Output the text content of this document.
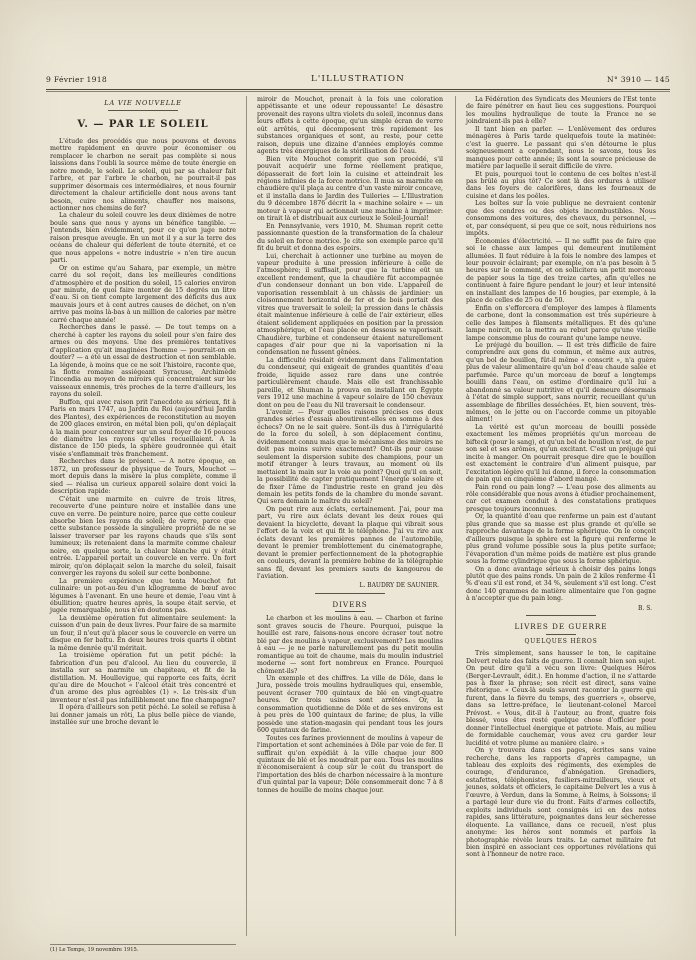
9 Février 1918	L'ILLUSTRATION	N° 3910 — 145
LA VIE NOUVELLE
V. — PAR LE SOLEIL

L'étude des procédés que nous pouvons et devons mettre rapidement en œuvre pour économiser ou remplacer le charbon ne serait pas complète si nous laissions dans l'oubli la source même de toute énergie en notre monde, le soleil. Le soleil, qui par sa chaleur fait l'arbre, et par l'arbre le charbon, ne pourrait-il pas supprimer désormais ces intermédiaires, et nous fournir directement la chaleur artificielle dont nous avons tant besoin, cuire nos aliments, chauffer nos maisons, actionner nos chemins de fer?

La chaleur du soleil couvre les deux dixièmes de notre boule sans que nous y ayons un bénéfice tangible. — J'entends, bien évidemment, pour ce qu'on juge notre raison presque aveugle. En un mot il y a sur la terre des océans de chaleur qui déferlent de toute éternité, et ce que nous appelons « notre industrie » n'en tire aucun parti.

Or on estime qu'au Sahara, par exemple, un mètre carré du sol reçoit, dans les meilleures conditions d'atmosphère et de position du soleil, 15 calories environ par minute, de quoi faire monter de 15 degrés un litre d'eau. Si on tient compte largement des déficits dus aux mauvais jours et à cent autres causes de déchet, on n'en arrive pas moins là-bas à un million de calories par mètre carré chaque année!

Recherches dans le passé. — De tout temps on a cherché à capter les rayons du soleil pour s'en faire des armes ou des moyens. Une des premières tentatives d'application qu'ait imaginées l'homme — pourrait-on en douter? — a été un essai de destruction et non semblable. La légende, à moins que ce ne soit l'histoire, raconte que, la flotte romaine assiégeant Syracuse, Archimède l'incendia au moyen de miroirs qui concentraient sur les vaisseaux ennemis, très proches de la terre d'ailleurs, les rayons du soleil.

Buffon, qui avec raison prit l'anecdote au sérieux, fit à Paris en mars 1747, au Jardin du Roi (aujourd'hui Jardin des Plantes), des expériences de reconstitution au moyen de 200 glaces environ, en métal bien poli, qu'on déplaçait à la main pour concentrer sur un seul foyer de 16 pouces de diamètre les rayons qu'elles recueillaient. A la distance de 150 pieds, la sphère goudronnée qui était visée s'enflammait très franchement.

Recherches dans le présent. — A notre époque, en 1872, un professeur de physique de Tours, Mouchot — mort depuis dans la misère la plus complète, comme il sied — réalisa un curieux appareil solaire dont voici la description rapide:

C'était une marmite en cuivre de trois litres, recouverte d'une peinture noire et installée dans une cuve en verre. De peinture noire, parce que cette couleur absorbe bien les rayons du soleil; de verre, parce que cette substance possède la singulière propriété de ne se laisser traverser par les rayons chauds que s'ils sont lumineux; ils retenaient dans la marmite comme chaleur noire, en quelque sorte, la chaleur blanche qui y était entrée. L'appareil portait un couvercle en verre. Un fort miroir, qu'on déplaçait selon la marche du soleil, faisait converger les rayons du soleil sur cette bonbonne.

La première expérience que tenta Mouchot fut culinaire: un pot-au-feu d'un kilogramme de bœuf avec légumes à l'avenant. En une heure et demie, l'eau vint à ébullition; quatre heures après, la soupe était servie, et jugée remarquable, nous n'en doutons pas.

La deuxième opération fut alimentaire seulement: la cuisson d'un pain de deux livres. Pour faire de sa marmite un four, il n'eut qu'à placer sous le couvercle en verre un disque en fer battu. En deux heures trois quarts il obtint la même denrée qu'il méritait.

La troisième opération fut un petit péché: la fabrication d'un peu d'alcool. Au lieu du couvercle, il installa sur sa marmite un chapiteau, et fit de la distillation. M. Houllevigue, qui rapporte ces faits, écrit qu'au dire de Mouchot « l'alcool était très concentré et d'un arome des plus agréables (1) ». Le très-six d'un inventeur n'est-il pas infailliblement une fine champagne?

Il opéra d'ailleurs son petit péché. Le soleil se refusa à lui donner jamais un rôti, La plus belle pièce de viande, installée sur une broche devant le

miroir de Mouchot, prenait à la fois une coloration appétissante et une odeur repoussante! Le désastre provenait des rayons ultra violets du soleil, inconnus dans leurs effets à cette époque, qu'un simple écran de verre eût arrêtés, qui décomposent très rapidement les substances organiques et sont, au reste, pour cette raison, depuis une dizaine d'années employés comme agents très énergiques de la stérilisation de l'eau.

Bien vite Mouchot comprit que son procédé, s'il pouvait acquérir une forme réellement pratique, dépasserait de fort loin la cuisine et atteindrait les régions infinies de la force motrice. Il mua sa marmite en chaudière qu'il plaça au centre d'un vaste miroir concave, et il installa dans le Jardin des Tuileries — L'Illustration du 9 décembre 1876 décrit la « machine solaire » — un moteur à vapeur qui actionnait une machine à imprimer: on tirait là et distribuait aux curieux le Soleil-Journal!

En Pennsylvanie, vers 1910, M. Shuman reprit cette passionnante question de la transformation de la chaleur du soleil en force motrice. Je cite son exemple parce qu'il fit du bruit et donna des espoirs.

Lui, cherchait à actionner une turbine au moyen de vapeur produite à une pression inférieure à celle de l'atmosphère; il suffisait, pour que la turbine eût un excellent rendement, que la chaudière fût accompagnée d'un condenseur donnant un bon vide. L'appareil de vaporisation ressemblait à un châssis de jardinier: un cloisonnement horizontal de fer et de bois portait des vitres que traversait le soleil; la pression dans le châssis était maintenue inférieure à celle de l'air extérieur, elles étaient solidement appliquées en position par la pression atmosphérique, et l'eau placée en dessous se vaporisait. Chaudière, turbine et condenseur étaient naturellement capages d'air pour que ni la vaporisation ni la condensation ne fussent gênées.

La difficulté résidait évidemment dans l'alimentation du condenseur, qui exigeait de grandes quantités d'eau froide, liquide assez rare dans une contrée particulièrement chaude. Mais elle est franchissable pareille, et Shuman la prouva en installant en Égypte vers 1912 une machine à vapeur solaire de 150 chevaux dont on peu de l'eau du Nil traversait le condenseur.

L'avenir. — Pour quelles raisons précises ces deux grandes séries d'essais aboutirent-elles en somme à des échecs? On ne le sait guère. Sont-ils dus à l'irrégularité de la force du soleil, à son déplacement continu, évidemment connu mais que le mécanisme des miroirs ne doit pas moins suivre exactement? Ont-ils pour cause seulement la dispersion subite des champions, pour un motif étranger à leurs travaux, au moment où ils mettaient la main sur la voie au point? Quoi qu'il en soit, la possibilité de capter pratiquement l'énergie solaire et de fixer l'âme de l'industrie reste en grand jeu dès demain les petits fonds de la chambre du monde savant. Qui sera demain le maître du soleil?

On peut rire aux éclats, certainement. J'ai, pour ma part, vu rire aux éclats devant les deux roues qui devaient la bicyclette, devant la plaque qui vibrait sous l'effort de la voix et qui fit le téléphone. J'ai vu rire aux éclats devant les premières pannes de l'automobile, devant le premier tremblottement du cinématographe, devant le premier perfectionnement de la photographie en couleurs, devant la première bobine de la télégraphie sans fil, devant les premiers sauts de kangourou de l'aviation.

L. BAUDRY DE SAUNIER.
DIVERS

Le charbon et les moulins à eau. — Charbon et farine sont graves soucis de l'heure. Pourquoi, puisque la houille est rare, faisons-nous encore écraser tout notre blé par des moulins à vapeur, exclusivement? Les moulins à eau — je ne parle naturellement pas du petit moulin romantique au toit de chaume, mais du moulin industriel moderne — sont fort nombreux en France. Pourquoi chôment-ils?

Un exemple et des chiffres. La ville de Dôle, dans le Jura, possède trois moulins hydrauliques qui, ensemble, peuvent écraser 700 quintaux de blé en vingt-quatre heures. Or trois usines sont arrêtées. Or, la consommation quotidienne de Dôle et de ses environs est à peu près de 100 quintaux de farine; de plus, la ville possède une station-magasin qui pendant tous les jours 600 quintaux de farine.

Toutes ces farines proviennent de moulins à vapeur de l'importation et sont acheminées à Dôle par voie de fer. Il suffirait qu'on expédiât à la ville chaque jour 800 quintaux de blé et les moudrait par eau. Tous les moulins n'économiseraient à coup sûr le coût du transport de l'importation des blés de charbon nécessaire à la monture d'un quintal par la vapeur; Dôle consommerait donc 7 à 8 tonnes de houille de moins chaque jour.

La Fédération des Syndicats des Meuniers de l'Est tente de faire pénétrer en haut lieu ces suggestions. Pourquoi les moulins hydraulique de toute la France ne se joindraient-ils pas à elle?

Il tant bien en parler. — L'enlèvement des ordures ménagères à Paris tarde quelquefois toute la matinée: c'est la guerre. Le passant qui s'en détourne le plus soigneusement a cependant, nous le savons, tous les manques pour cette année; ils sont la source précieuse de matière par laquelle il serait difficile de vivre.

Et puis, pourquoi tout le contenu de ces boîtes n'est-il pas brûlé au plus tôt? Ce sont là des ordures à utiliser dans les foyers de calorifères, dans les fourneaux de cuisine et dans les poêles.

Les boîtes sur la voie publique ne devraient contenir que des cendres ou des objets incombustibles. Nous consommons des voitures, des chevaux, du personnel, — et, par conséquent, si peu que ce soit, nous réduirions nos impôts.

Économies d'électricité. — Il ne suffit pas de faire que soi le chasse aux lampes qui demeurent inutilement allumées. Il faut réduire à la fois le nombre des lampes et leur pouvoir éclairant; par exemple, on n'a pas besoin à 5 heures sur le comment, et on sollicitera un petit morceau de papier sous la tige des treize cartes, afin qu'elles ne continuent à faire figure pendant le jour) et leur intensité en installant des lampes de 16 bougies, par exemple, à la place de celles de 25 ou de 50.

Enfin on s'efforcera d'employer des lampes à filaments de carbone, dont la consommation est très supérieure à celle des lampes à filaments métalliques. Et dès qu'une lampe noircit, on la mettra au rebut parce qu'une vieille lampe consomme plus de courant qu'une lampe neuve.

Le préjugé du bouillon. — Il est très difficile de faire comprendre aux gens du commun, et même aux autres, qu'un bol de bouillon, fût-il même « conscrit », n'a guère plus de valeur alimentaire qu'un bol d'eau chaude salée et parfumée. Parce qu'un morceau de bœuf a longtemps bouilli dans l'eau, on estime d'ordinaire qu'il lui a abandonné sa valeur nutritive et qu'il demeure désormais à l'état de simple support, sans nourrir, recueillant qu'un assemblage de fibrilles desséchées. Et, bien souvent, très-mêmes, on le jette ou on l'accorde comme un pitoyable aliment!

La vérité est qu'un morceau de bouilli possède exactement les mêmes propriétés qu'un morceau de bifteck (pour le sang), et qu'un bol de bouillon n'est, de par son sel et ses arômes, qu'un excitant. C'est un préjugé qui incite à manger. On pourrait presque dire que le bouillon est exactement le contraire d'un aliment puisque, par l'excitation légère qu'il lui donne, il force la consommation de pain qui en cinquième d'abord mangé.

Pain rond ou pain long? — L'eau pose des aliments au rôle considérable que nous avons à étudier prochainement, car cet examen conduit à des constatations pratiques presque toujours inconnues.

Or, la quantité d'eau que renferme un pain est d'autant plus grande que sa masse est plus grande et qu'elle se rapproche davantage de la forme sphérique. On le conçoit d'ailleurs puisque la sphère est la figure qui renferme le plus grand volume possible sous la plus petite surface; l'évaporation d'un même poids de matière est plus grande sous la forme cylindrique que sous la forme sphérique.

On a donc avantage sérieux à choisir des pains longs plutôt que des pains ronds. Un pain de 2 kilos renferme 41 % d'eau s'il est rond, et 34 %, seulement s'il est long. C'est donc 140 grammes de matière alimentaire que l'on gagne à n'accepter que du pain long.

B. S.
LIVRES DE GUERRE
QUELQUES HÉROS

Très simplement, sans hausser le ton, le capitaine Delvert relate des faits de guerre. Il connaît bien son sujet. On peut dire qu'il a vécu son livre: Quelques Héros (Berger-Levrault, édit.). En homme d'action, il ne s'attarde pas à fixer la phrase; son récit est direct, sans vaine rhétorique. « Ceux-là seuls savent raconter la guerre qui furent, dans la fièvre du temps, des guerriers », observe, dans sa lettre-préface, le lieutenant-colonel Marcel Prévost. « Vous, dit-il à l'auteur, au front, quatre fois blessé, vous êtes resté quelque chose d'officier pour donner l'intellectuel énergique et patriote. Mais, au milieu de formidable cauchemar, vous avez cru garder leur lucidité et votre plume au manière claire. »

On y trouvera dans ces pages, écrites sans vaine recherche, dans les rapports d'après campagne, un tableau des exploits des régiments, des exemples de courage, d'endurance, d'abnégation. Grenadiers, estafettes, téléphonistes, fusiliers-mitrailleurs, vieux et jeunes, soldats et officiers, le capitaine Delvert les a vus à l'œuvre, à Verdun, dans la Somme, à Reims, à Soissons; il a partagé leur dure vie du front. Faits d'armes collectifs, exploits individuels sont consignés ici en des notes rapides, sans littérature, poignantes dans leur sécheresse éloquente. La vaillance, dans ce recueil, n'est plus anonyme: les héros sont nommés et parfois la photographie révèle leurs traits. Le carnet militaire fut bien inspiré en associant ces opportunes révélations qui sont à l'honneur de notre race.

(1) Le Temps, 19 novembre 1915.
